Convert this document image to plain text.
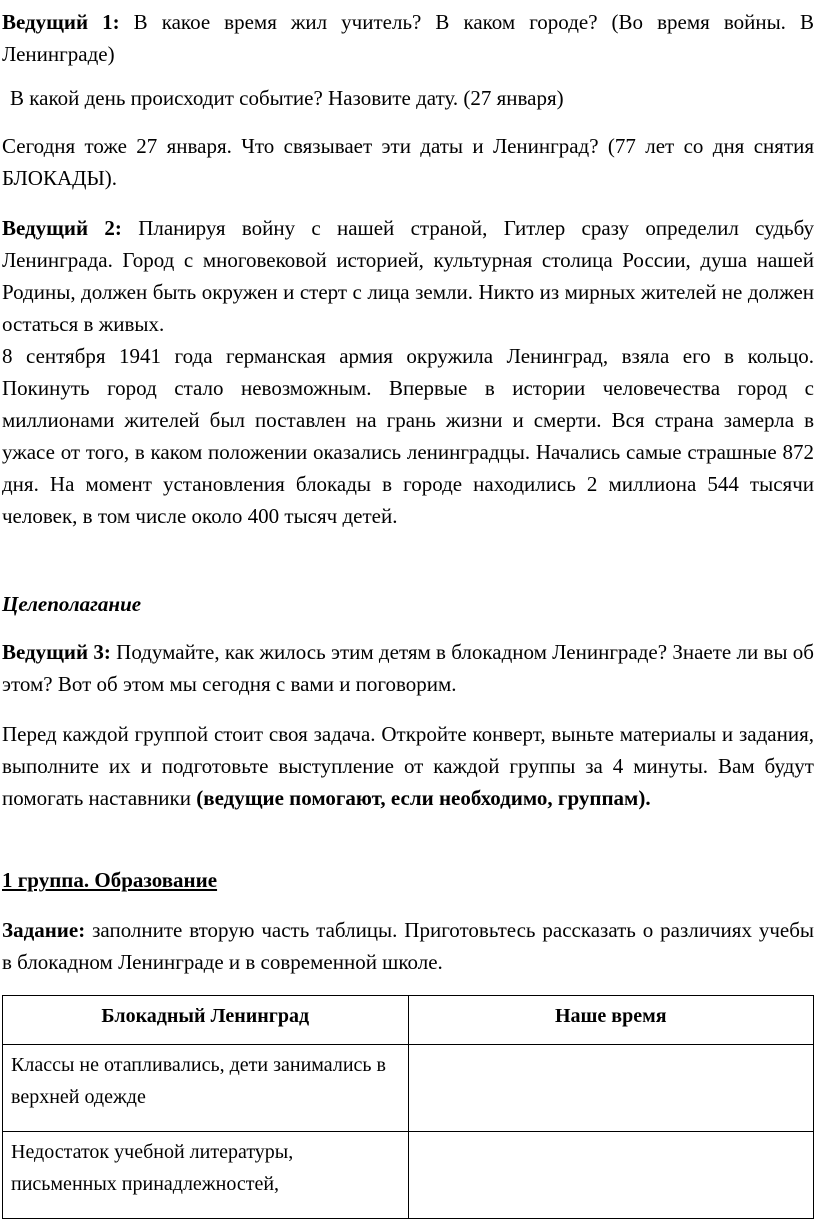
Ведущий 1: В какое время жил учитель? В каком городе? (Во время войны. В Ленинграде)

В какой день происходит событие? Назовите дату. (27 января)

Сегодня тоже 27 января. Что связывает эти даты и Ленинград? (77 лет со дня снятия БЛОКАДЫ).

Ведущий 2: Планируя войну с нашей страной, Гитлер сразу определил судьбу Ленинграда. Город с многовековой историей, культурная столица России, душа нашей Родины, должен быть окружен и стерт с лица земли. Никто из мирных жителей не должен остаться в живых.

8 сентября 1941 года германская армия окружила Ленинград, взяла его в кольцо. Покинуть город стало невозможным. Впервые в истории человечества город с миллионами жителей был поставлен на грань жизни и смерти. Вся страна замерла в ужасе от того, в каком положении оказались ленинградцы. Начались самые страшные 872 дня. На момент установления блокады в городе находились 2 миллиона 544 тысячи человек, в том числе около 400 тысяч детей.

Целеполагание

Ведущий 3: Подумайте, как жилось этим детям в блокадном Ленинграде? Знаете ли вы об этом? Вот об этом мы сегодня с вами и поговорим.

Перед каждой группой стоит своя задача. Откройте конверт, выньте материалы и задания, выполните их и подготовьте выступление от каждой группы за 4 минуты. Вам будут помогать наставники (ведущие помогают, если необходимо, группам).

1 группа. Образование

Задание: заполните вторую часть таблицы. Приготовьтесь рассказать о различиях учебы в блокадном Ленинграде и в современной школе.

Блокадный Ленинград	Наше время
Классы не отапливались, дети занимались в верхней одежде	
Недостаток учебной литературы, письменных принадлежностей,	
